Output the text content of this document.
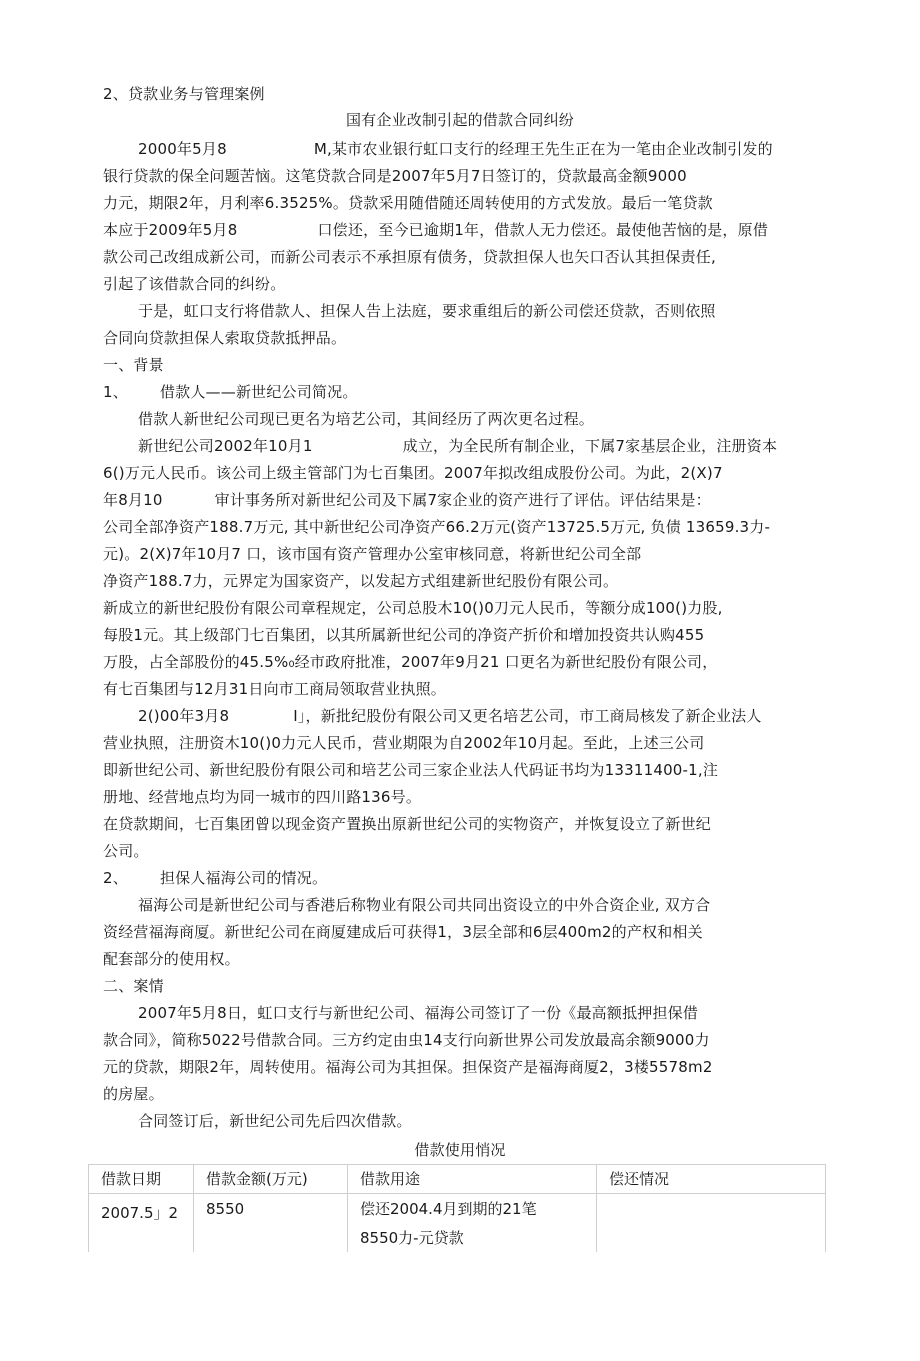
2、贷款业务与管理案例
国有企业改制引起的借款合同纠纷
2000年5月8	M,某市农业银行虹口支行的经理王先生正在为一笔由企业改制引发的
银行贷款的保全问题苦恼。这笔贷款合同是2007年5月7日签订的，贷款最高金额9000
力元，期限2年，月利率6.3525%。贷款采用随借随还周转使用的方式发放。最后一笔贷款
本应于2009年5月8	口偿还，至今已逾期1年，借款人无力偿还。最使他苦恼的是，原借
款公司己改组成新公司，而新公司表示不承担原有债务，贷款担保人也矢口否认其担保责任,
引起了该借款合同的纠纷。
于是，虹口支行将借款人、担保人告上法庭，要求重组后的新公司偿还贷款，否则依照
合同向贷款担保人索取贷款抵押品。
一、背景
1、 借款人——新世纪公司简况。
借款人新世纪公司现已更名为培艺公司，其间经历了两次更名过程。
新世纪公司2002年10月1	成立，为全民所有制企业，下属7家基层企业，注册资本
6()万元人民币。该公司上级主管部门为七百集团。2007年拟改组成股份公司。为此，2(X)7
年8月10	审计事务所对新世纪公司及下属7家企业的资产进行了评估。评估结果是：
公司全部净资产188.7万元, 其中新世纪公司净资产66.2万元(资产13725.5万元, 负债 13659.3力-
元)。2(X)7年10月7 口，该市国有资产管理办公室审核同意，将新世纪公司全部
净资产188.7力，元界定为国家资产，以发起方式组建新世纪股份有限公司。
新成立的新世纪股份有限公司章程规定，公司总股木10()0刀元人民币，等额分成100()力股,
每股1元。其上级部门七百集团，以其所属新世纪公司的净资产折价和增加投资共认购455
万股，占全部股份的45.5%₀经市政府批准，2007年9月21 口更名为新世纪股份有限公司，
有七百集团与12月31日向市工商局领取营业执照。
2()00年3月8	I」，新批纪股份有限公司又更名培艺公司，市工商局核发了新企业法人
营业执照，注册资木10()0力元人民币，营业期限为自2002年10月起。至此，上述三公司
即新世纪公司、新世纪股份有限公司和培艺公司三家企业法人代码证书均为13311400-1,注
册地、经营地点均为同一城市的四川路136号。
在贷款期间，七百集团曾以现金资产置换出原新世纪公司的实物资产，并恢复设立了新世纪
公司。
2、 担保人福海公司的情况。
福海公司是新世纪公司与香港后称物业有限公司共同出资设立的中外合资企业, 双方合
资经营福海商厦。新世纪公司在商厦建成后可获得1，3层全部和6层400m2的产权和相关
配套部分的使用权。
二、案情
2007年5月8日，虹口支行与新世纪公司、福海公司签订了一份《最高额抵押担保借
款合同》，简称5022号借款合同。三方约定由虫14支行向新世界公司发放最高余额9000力
元的贷款，期限2年，周转使用。福海公司为其担保。担保资产是福海商厦2，3楼5578m2
的房屋。
合同签订后，新世纪公司先后四次借款。
借款使用悄况
借款日期	借款金额(万元)	借款用途	偿还情况

2007.5」2	8550	偿还2004.4月到期的21笔
8550力-元贷款	
